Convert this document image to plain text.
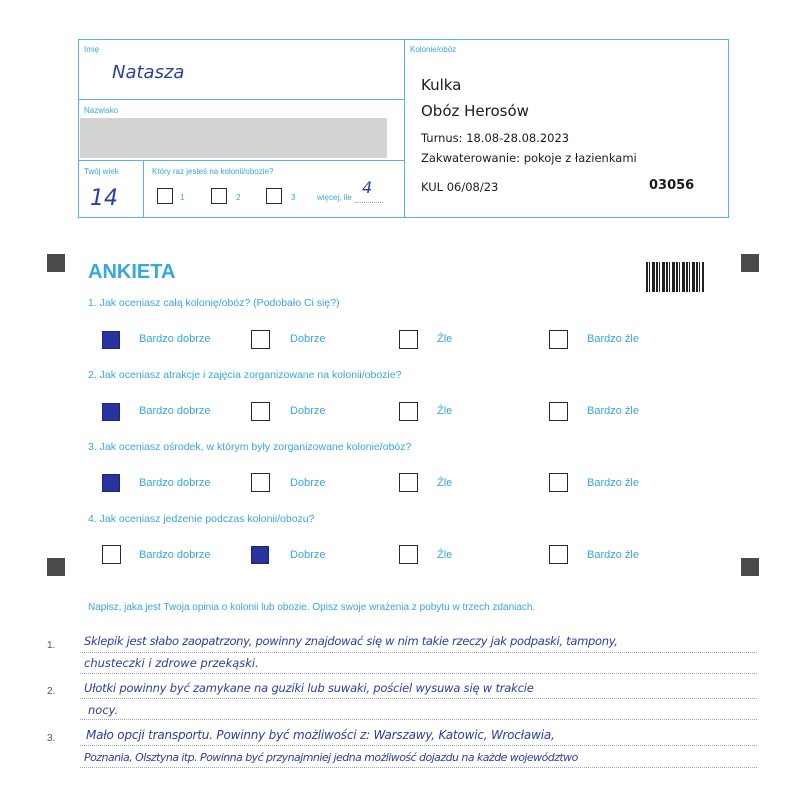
Imię
Natasza
Nazwisko
Twój wiek
14
Który raz jesteś na kolonii/obozie?
1	2	3	więcej, ile
4
Kolonie/obóz
Kulka
Obóz Herosów
Turnus: 18.08-28.08.2023
Zakwaterowanie: pokoje z łazienkami
KUL 06/08/23	03056
ANKIETA
1. Jak oceniasz całą kolonię/obóz? (Podobało Ci się?)
Bardzo dobrze	Dobrze	Źle	Bardzo źle
2. Jak oceniasz atrakcje i zajęcia zorganizowane na kolonii/obozie?
Bardzo dobrze	Dobrze	Źle	Bardzo źle
3. Jak oceniasz ośrodek, w którym były zorganizowane kolonie/obóz?
Bardzo dobrze	Dobrze	Źle	Bardzo źle
4. Jak oceniasz jedzenie podczas kolonii/obozu?
Bardzo dobrze	Dobrze	Źle	Bardzo źle
Napisz, jaka jest Twoja opinia o kolonii lub obozie. Opisz swoje wrażenia z pobytu w trzech zdaniach.
1.
2.
3.
Sklepik jest słabo zaopatrzony, powinny znajdować się w nim takie rzeczy jak podpaski, tampony,
chusteczki i zdrowe przekąski.
Ułotki powinny być zamykane na guziki lub suwaki, pościel wysuwa się w trakcie
nocy.
Mało opcji transportu. Powinny być możliwości z: Warszawy, Katowic, Wrocławia,
Poznania, Olsztyna itp. Powinna być przynajmniej jedna możliwość dojazdu na każde województwo
